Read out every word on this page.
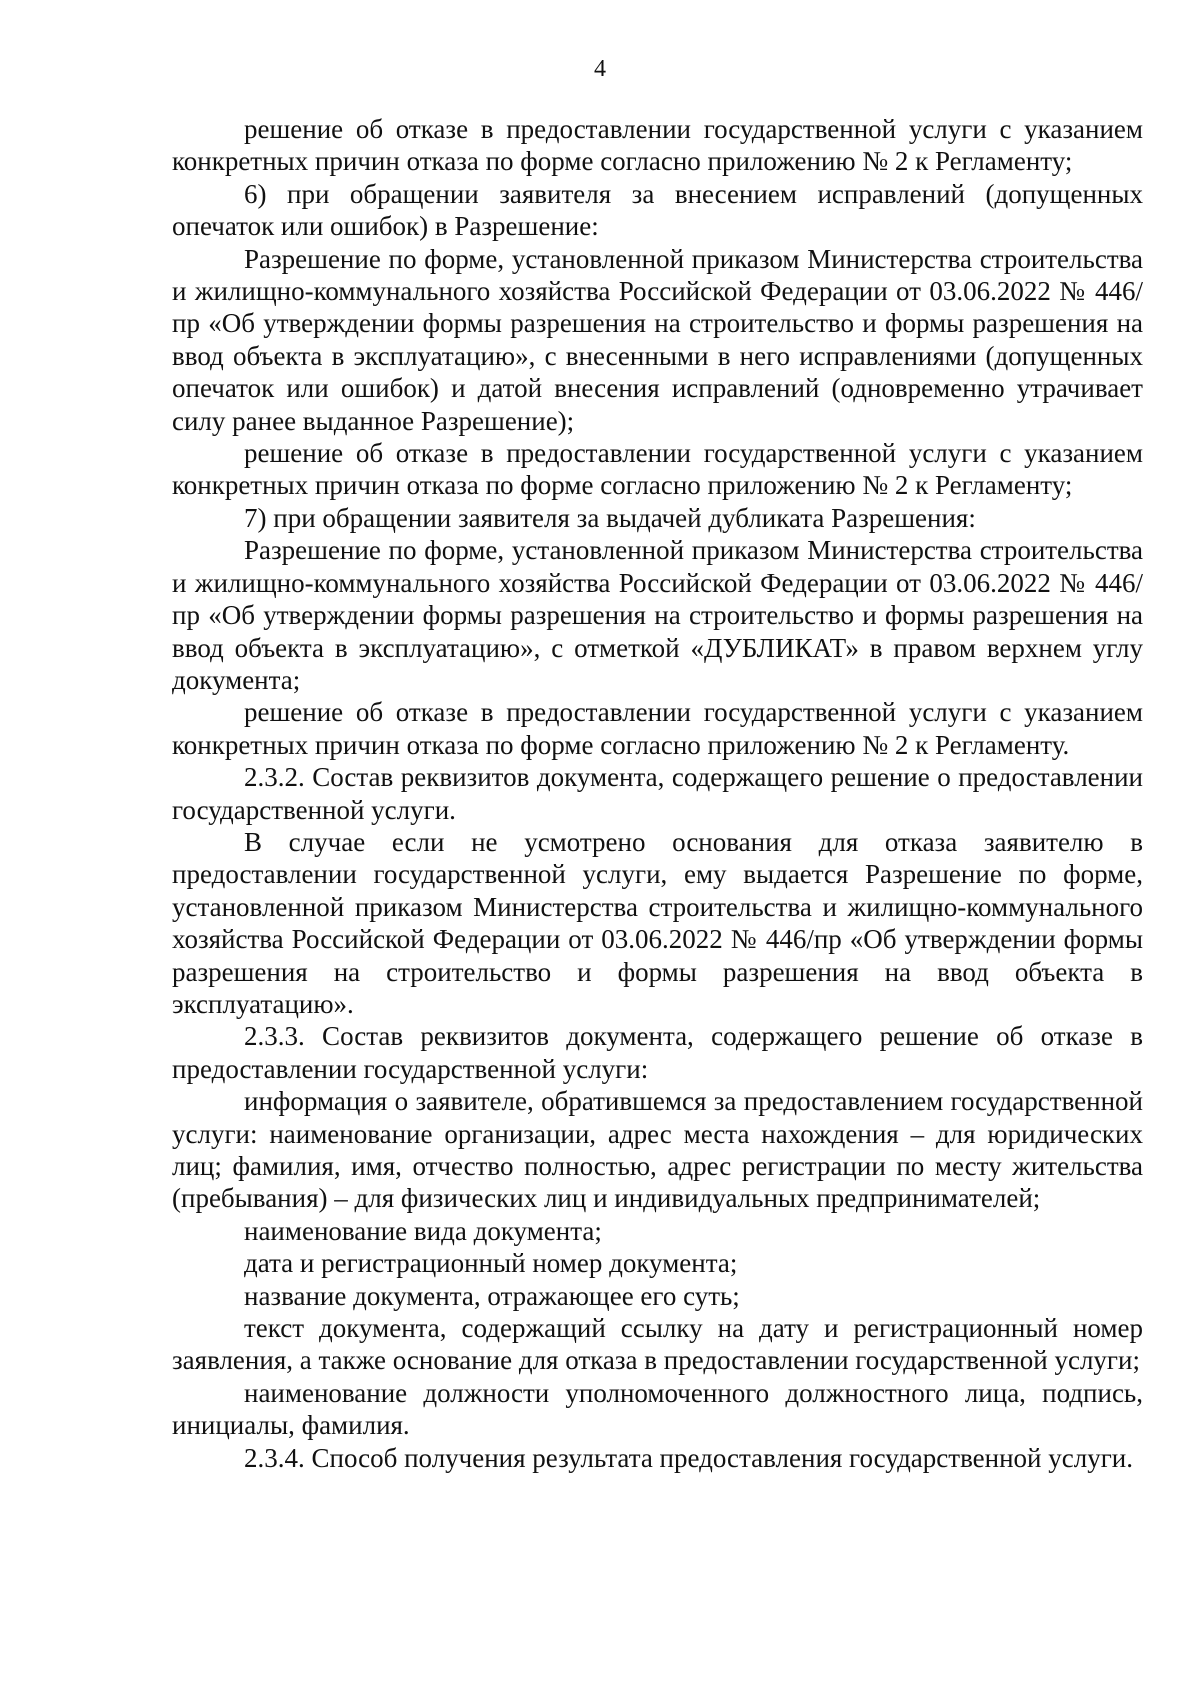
4

решение об отказе в предоставлении государственной услуги с указанием конкретных причин отказа по форме согласно приложению № 2 к Регламенту;

6) при обращении заявителя за внесением исправлений (допущенных опечаток или ошибок) в Разрешение:

Разрешение по форме, установленной приказом Министерства строительства и жилищно-коммунального хозяйства Российской Федерации от 03.06.2022 № 446/пр «Об утверждении формы разрешения на строительство и формы разрешения на ввод объекта в эксплуатацию», с внесенными в него исправлениями (допущенных опечаток или ошибок) и датой внесения исправлений (одновременно утрачивает силу ранее выданное Разрешение);

решение об отказе в предоставлении государственной услуги с указанием конкретных причин отказа по форме согласно приложению № 2 к Регламенту;

7) при обращении заявителя за выдачей дубликата Разрешения:

Разрешение по форме, установленной приказом Министерства строительства и жилищно-коммунального хозяйства Российской Федерации от 03.06.2022 № 446/пр «Об утверждении формы разрешения на строительство и формы разрешения на ввод объекта в эксплуатацию», с отметкой «ДУБЛИКАТ» в правом верхнем углу документа;

решение об отказе в предоставлении государственной услуги с указанием конкретных причин отказа по форме согласно приложению № 2 к Регламенту.

2.3.2. Состав реквизитов документа, содержащего решение о предоставлении государственной услуги.

В случае если не усмотрено основания для отказа заявителю в предоставлении государственной услуги, ему выдается Разрешение по форме, установленной приказом Министерства строительства и жилищно-коммунального хозяйства Российской Федерации от 03.06.2022 № 446/пр «Об утверждении формы разрешения на строительство и формы разрешения на ввод объекта в эксплуатацию».

2.3.3. Состав реквизитов документа, содержащего решение об отказе в предоставлении государственной услуги:

информация о заявителе, обратившемся за предоставлением государственной услуги: наименование организации, адрес места нахождения – для юридических лиц; фамилия, имя, отчество полностью, адрес регистрации по месту жительства (пребывания) – для физических лиц и индивидуальных предпринимателей;

наименование вида документа;

дата и регистрационный номер документа;

название документа, отражающее его суть;

текст документа, содержащий ссылку на дату и регистрационный номер заявления, а также основание для отказа в предоставлении государственной услуги;

наименование должности уполномоченного должностного лица, подпись, инициалы, фамилия.

2.3.4. Способ получения результата предоставления государственной услуги.
